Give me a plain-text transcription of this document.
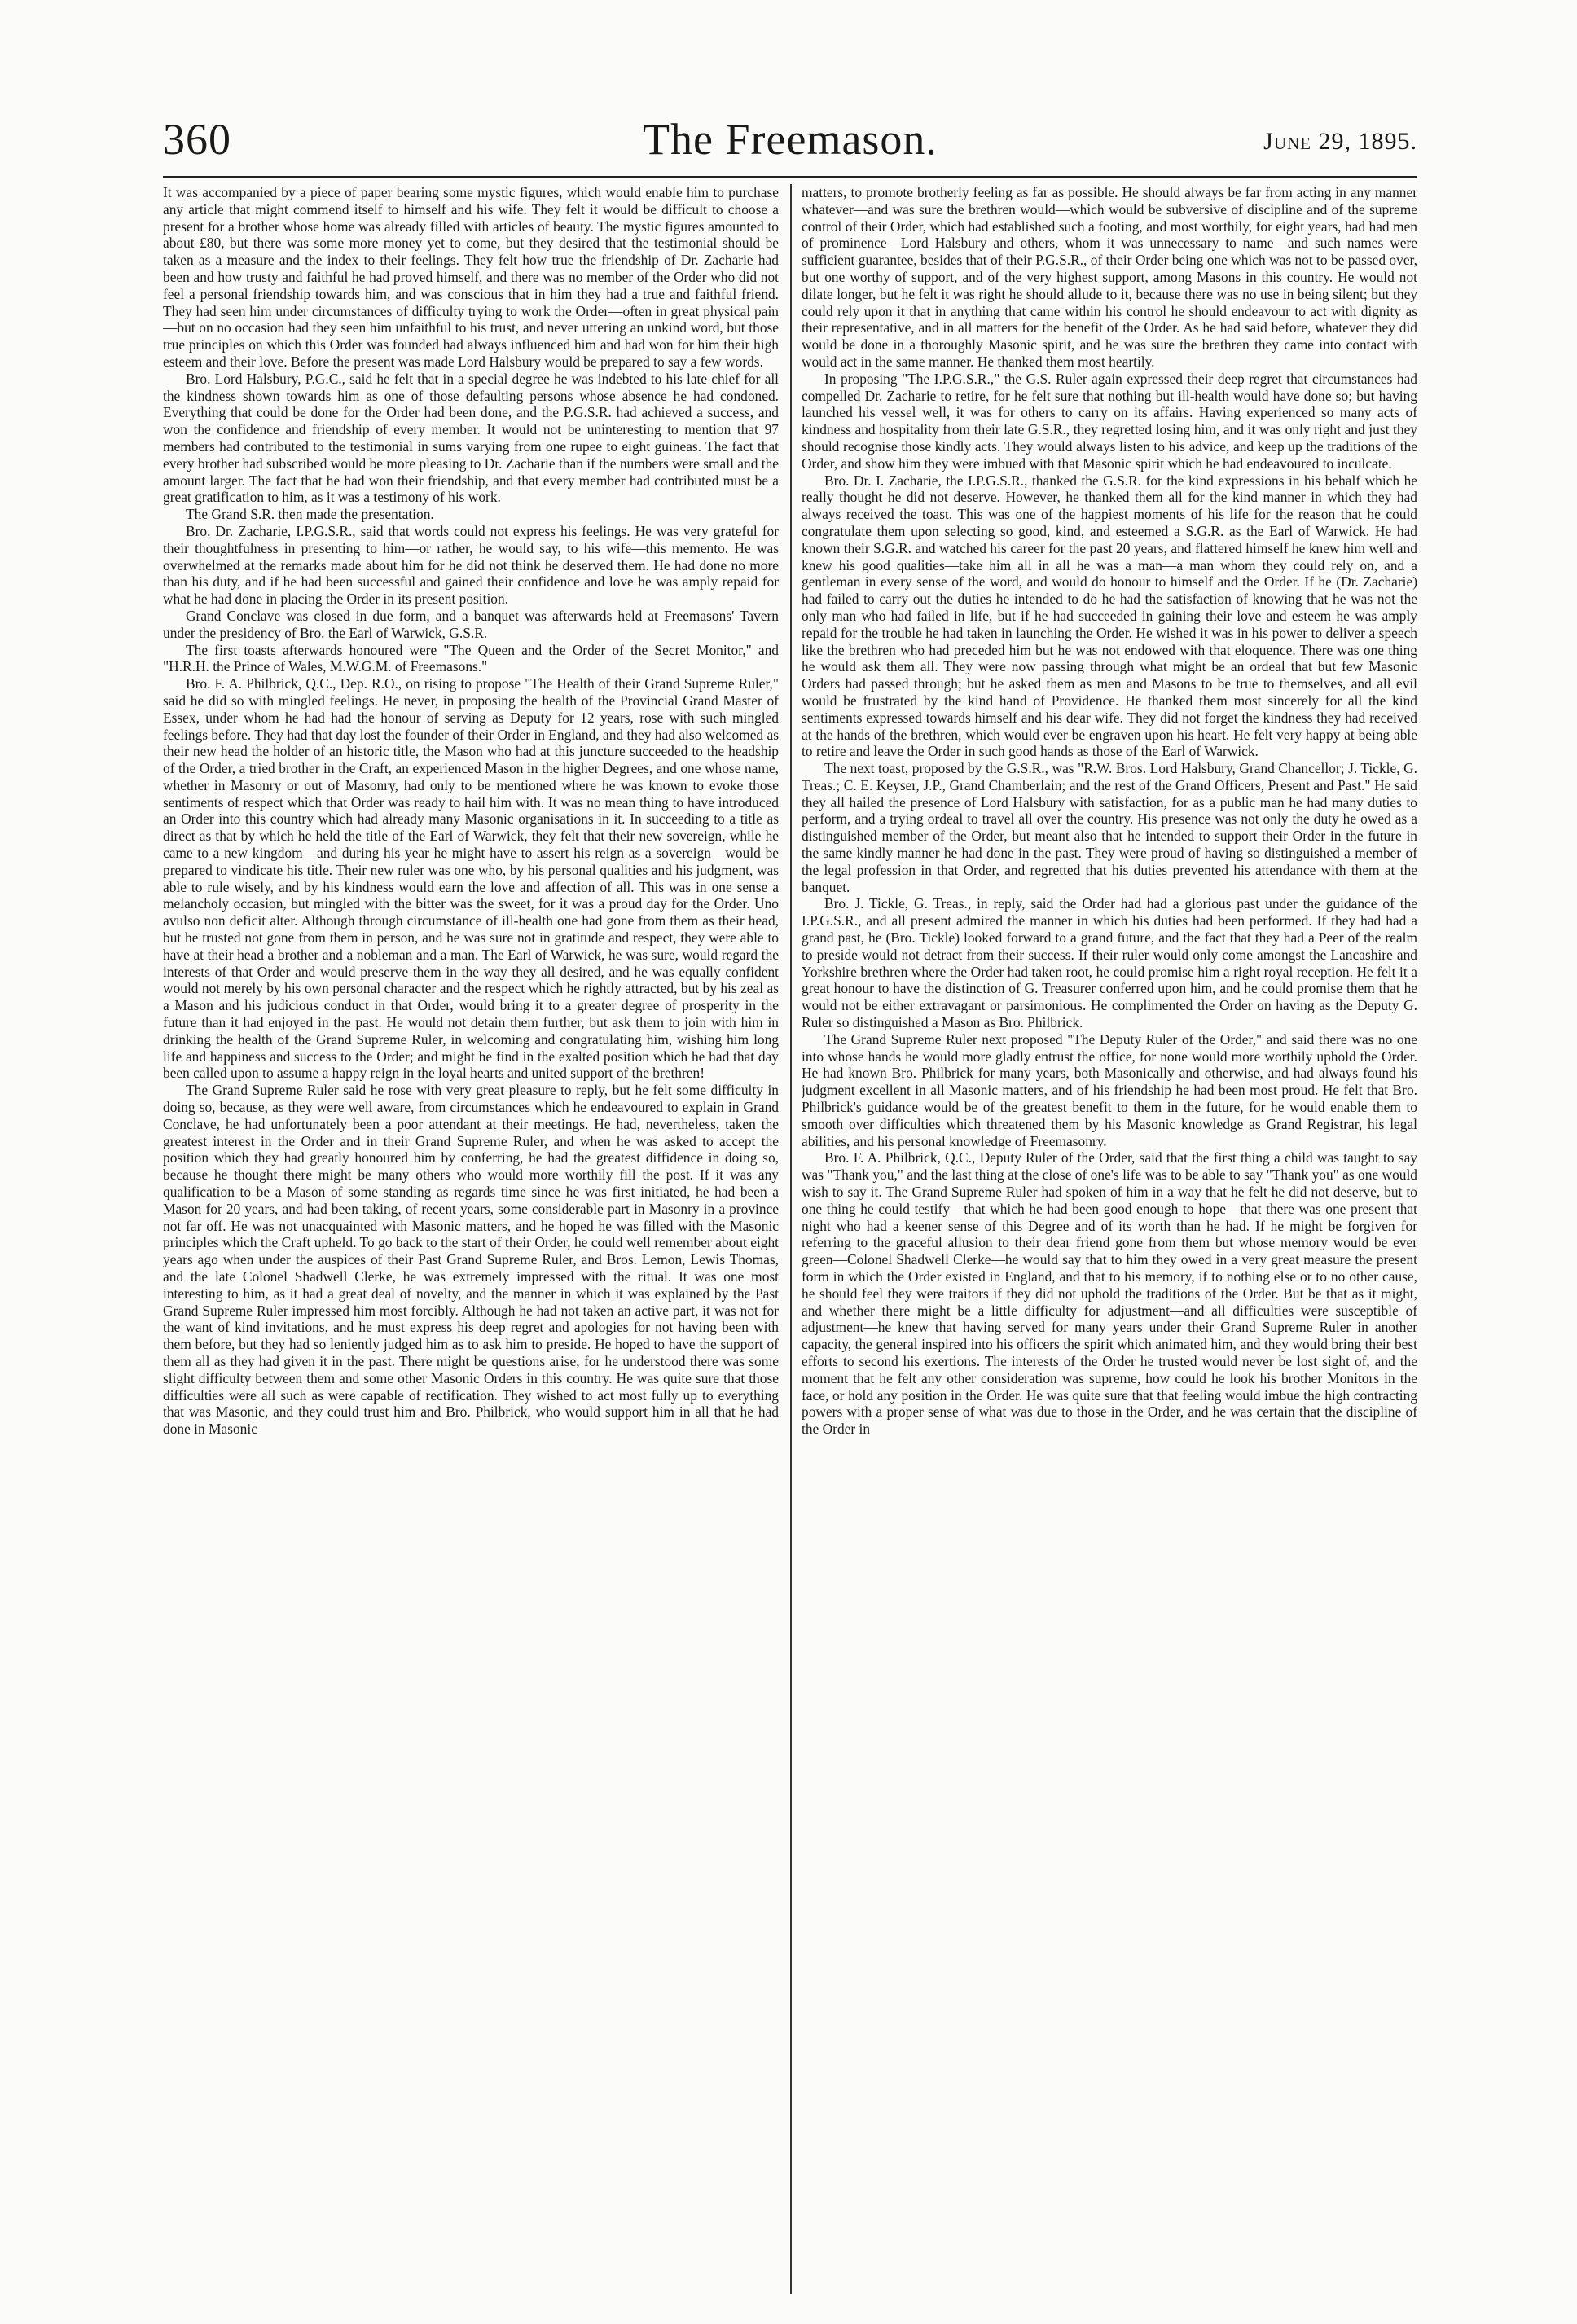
360	The Freemason.	June 29, 1895.

It was accompanied by a piece of paper bearing some mystic figures, which would enable him to purchase any article that might commend itself to himself and his wife. They felt it would be difficult to choose a present for a brother whose home was already filled with articles of beauty. The mystic figures amounted to about £80, but there was some more money yet to come, but they desired that the testimonial should be taken as a measure and the index to their feelings. They felt how true the friendship of Dr. Zacharie had been and how trusty and faithful he had proved himself, and there was no member of the Order who did not feel a personal friendship towards him, and was conscious that in him they had a true and faithful friend. They had seen him under circumstances of difficulty trying to work the Order—often in great physical pain—but on no occasion had they seen him unfaithful to his trust, and never uttering an unkind word, but those true principles on which this Order was founded had always influenced him and had won for him their high esteem and their love. Before the present was made Lord Halsbury would be prepared to say a few words.

Bro. Lord Halsbury, P.G.C., said he felt that in a special degree he was indebted to his late chief for all the kindness shown towards him as one of those defaulting persons whose absence he had condoned. Everything that could be done for the Order had been done, and the P.G.S.R. had achieved a success, and won the confidence and friendship of every member. It would not be uninteresting to mention that 97 members had contributed to the testimonial in sums varying from one rupee to eight guineas. The fact that every brother had subscribed would be more pleasing to Dr. Zacharie than if the numbers were small and the amount larger. The fact that he had won their friendship, and that every member had contributed must be a great gratification to him, as it was a testimony of his work.

The Grand S.R. then made the presentation.

Bro. Dr. Zacharie, I.P.G.S.R., said that words could not express his feelings. He was very grateful for their thoughtfulness in presenting to him—or rather, he would say, to his wife—this memento. He was overwhelmed at the remarks made about him for he did not think he deserved them. He had done no more than his duty, and if he had been successful and gained their confidence and love he was amply repaid for what he had done in placing the Order in its present position.

Grand Conclave was closed in due form, and a banquet was afterwards held at Freemasons' Tavern under the presidency of Bro. the Earl of Warwick, G.S.R.

The first toasts afterwards honoured were "The Queen and the Order of the Secret Monitor," and "H.R.H. the Prince of Wales, M.W.G.M. of Freemasons."

Bro. F. A. Philbrick, Q.C., Dep. R.O., on rising to propose "The Health of their Grand Supreme Ruler," said he did so with mingled feelings. He never, in proposing the health of the Provincial Grand Master of Essex, under whom he had had the honour of serving as Deputy for 12 years, rose with such mingled feelings before. They had that day lost the founder of their Order in England, and they had also welcomed as their new head the holder of an historic title, the Mason who had at this juncture succeeded to the headship of the Order, a tried brother in the Craft, an experienced Mason in the higher Degrees, and one whose name, whether in Masonry or out of Masonry, had only to be mentioned where he was known to evoke those sentiments of respect which that Order was ready to hail him with. It was no mean thing to have introduced an Order into this country which had already many Masonic organisations in it. In succeeding to a title as direct as that by which he held the title of the Earl of Warwick, they felt that their new sovereign, while he came to a new kingdom—and during his year he might have to assert his reign as a sovereign—would be prepared to vindicate his title. Their new ruler was one who, by his personal qualities and his judgment, was able to rule wisely, and by his kindness would earn the love and affection of all. This was in one sense a melancholy occasion, but mingled with the bitter was the sweet, for it was a proud day for the Order. Uno avulso non deficit alter. Although through circumstance of ill-health one had gone from them as their head, but he trusted not gone from them in person, and he was sure not in gratitude and respect, they were able to have at their head a brother and a nobleman and a man. The Earl of Warwick, he was sure, would regard the interests of that Order and would preserve them in the way they all desired, and he was equally confident would not merely by his own personal character and the respect which he rightly attracted, but by his zeal as a Mason and his judicious conduct in that Order, would bring it to a greater degree of prosperity in the future than it had enjoyed in the past. He would not detain them further, but ask them to join with him in drinking the health of the Grand Supreme Ruler, in welcoming and congratulating him, wishing him long life and happiness and success to the Order; and might he find in the exalted position which he had that day been called upon to assume a happy reign in the loyal hearts and united support of the brethren!

The Grand Supreme Ruler said he rose with very great pleasure to reply, but he felt some difficulty in doing so, because, as they were well aware, from circumstances which he endeavoured to explain in Grand Conclave, he had unfortunately been a poor attendant at their meetings. He had, nevertheless, taken the greatest interest in the Order and in their Grand Supreme Ruler, and when he was asked to accept the position which they had greatly honoured him by conferring, he had the greatest diffidence in doing so, because he thought there might be many others who would more worthily fill the post. If it was any qualification to be a Mason of some standing as regards time since he was first initiated, he had been a Mason for 20 years, and had been taking, of recent years, some considerable part in Masonry in a province not far off. He was not unacquainted with Masonic matters, and he hoped he was filled with the Masonic principles which the Craft upheld. To go back to the start of their Order, he could well remember about eight years ago when under the auspices of their Past Grand Supreme Ruler, and Bros. Lemon, Lewis Thomas, and the late Colonel Shadwell Clerke, he was extremely impressed with the ritual. It was one most interesting to him, as it had a great deal of novelty, and the manner in which it was explained by the Past Grand Supreme Ruler impressed him most forcibly. Although he had not taken an active part, it was not for the want of kind invitations, and he must express his deep regret and apologies for not having been with them before, but they had so leniently judged him as to ask him to preside. He hoped to have the support of them all as they had given it in the past. There might be questions arise, for he understood there was some slight difficulty between them and some other Masonic Orders in this country. He was quite sure that those difficulties were all such as were capable of rectification. They wished to act most fully up to everything that was Masonic, and they could trust him and Bro. Philbrick, who would support him in all that he had done in Masonic

matters, to promote brotherly feeling as far as possible. He should always be far from acting in any manner whatever—and was sure the brethren would—which would be subversive of discipline and of the supreme control of their Order, which had established such a footing, and most worthily, for eight years, had had men of prominence—Lord Halsbury and others, whom it was unnecessary to name—and such names were sufficient guarantee, besides that of their P.G.S.R., of their Order being one which was not to be passed over, but one worthy of support, and of the very highest support, among Masons in this country. He would not dilate longer, but he felt it was right he should allude to it, because there was no use in being silent; but they could rely upon it that in anything that came within his control he should endeavour to act with dignity as their representative, and in all matters for the benefit of the Order. As he had said before, whatever they did would be done in a thoroughly Masonic spirit, and he was sure the brethren they came into contact with would act in the same manner. He thanked them most heartily.

In proposing "The I.P.G.S.R.," the G.S. Ruler again expressed their deep regret that circumstances had compelled Dr. Zacharie to retire, for he felt sure that nothing but ill-health would have done so; but having launched his vessel well, it was for others to carry on its affairs. Having experienced so many acts of kindness and hospitality from their late G.S.R., they regretted losing him, and it was only right and just they should recognise those kindly acts. They would always listen to his advice, and keep up the traditions of the Order, and show him they were imbued with that Masonic spirit which he had endeavoured to inculcate.

Bro. Dr. I. Zacharie, the I.P.G.S.R., thanked the G.S.R. for the kind expressions in his behalf which he really thought he did not deserve. However, he thanked them all for the kind manner in which they had always received the toast. This was one of the happiest moments of his life for the reason that he could congratulate them upon selecting so good, kind, and esteemed a S.G.R. as the Earl of Warwick. He had known their S.G.R. and watched his career for the past 20 years, and flattered himself he knew him well and knew his good qualities—take him all in all he was a man—a man whom they could rely on, and a gentleman in every sense of the word, and would do honour to himself and the Order. If he (Dr. Zacharie) had failed to carry out the duties he intended to do he had the satisfaction of knowing that he was not the only man who had failed in life, but if he had succeeded in gaining their love and esteem he was amply repaid for the trouble he had taken in launching the Order. He wished it was in his power to deliver a speech like the brethren who had preceded him but he was not endowed with that eloquence. There was one thing he would ask them all. They were now passing through what might be an ordeal that but few Masonic Orders had passed through; but he asked them as men and Masons to be true to themselves, and all evil would be frustrated by the kind hand of Providence. He thanked them most sincerely for all the kind sentiments expressed towards himself and his dear wife. They did not forget the kindness they had received at the hands of the brethren, which would ever be engraven upon his heart. He felt very happy at being able to retire and leave the Order in such good hands as those of the Earl of Warwick.

The next toast, proposed by the G.S.R., was "R.W. Bros. Lord Halsbury, Grand Chancellor; J. Tickle, G. Treas.; C. E. Keyser, J.P., Grand Chamberlain; and the rest of the Grand Officers, Present and Past." He said they all hailed the presence of Lord Halsbury with satisfaction, for as a public man he had many duties to perform, and a trying ordeal to travel all over the country. His presence was not only the duty he owed as a distinguished member of the Order, but meant also that he intended to support their Order in the future in the same kindly manner he had done in the past. They were proud of having so distinguished a member of the legal profession in that Order, and regretted that his duties prevented his attendance with them at the banquet.

Bro. J. Tickle, G. Treas., in reply, said the Order had had a glorious past under the guidance of the I.P.G.S.R., and all present admired the manner in which his duties had been performed. If they had had a grand past, he (Bro. Tickle) looked forward to a grand future, and the fact that they had a Peer of the realm to preside would not detract from their success. If their ruler would only come amongst the Lancashire and Yorkshire brethren where the Order had taken root, he could promise him a right royal reception. He felt it a great honour to have the distinction of G. Treasurer conferred upon him, and he could promise them that he would not be either extravagant or parsimonious. He complimented the Order on having as the Deputy G. Ruler so distinguished a Mason as Bro. Philbrick.

The Grand Supreme Ruler next proposed "The Deputy Ruler of the Order," and said there was no one into whose hands he would more gladly entrust the office, for none would more worthily uphold the Order. He had known Bro. Philbrick for many years, both Masonically and otherwise, and had always found his judgment excellent in all Masonic matters, and of his friendship he had been most proud. He felt that Bro. Philbrick's guidance would be of the greatest benefit to them in the future, for he would enable them to smooth over difficulties which threatened them by his Masonic knowledge as Grand Registrar, his legal abilities, and his personal knowledge of Freemasonry.

Bro. F. A. Philbrick, Q.C., Deputy Ruler of the Order, said that the first thing a child was taught to say was "Thank you," and the last thing at the close of one's life was to be able to say "Thank you" as one would wish to say it. The Grand Supreme Ruler had spoken of him in a way that he felt he did not deserve, but to one thing he could testify—that which he had been good enough to hope—that there was one present that night who had a keener sense of this Degree and of its worth than he had. If he might be forgiven for referring to the graceful allusion to their dear friend gone from them but whose memory would be ever green—Colonel Shadwell Clerke—he would say that to him they owed in a very great measure the present form in which the Order existed in England, and that to his memory, if to nothing else or to no other cause, he should feel they were traitors if they did not uphold the traditions of the Order. But be that as it might, and whether there might be a little difficulty for adjustment—and all difficulties were susceptible of adjustment—he knew that having served for many years under their Grand Supreme Ruler in another capacity, the general inspired into his officers the spirit which animated him, and they would bring their best efforts to second his exertions. The interests of the Order he trusted would never be lost sight of, and the moment that he felt any other consideration was supreme, how could he look his brother Monitors in the face, or hold any position in the Order. He was quite sure that that feeling would imbue the high contracting powers with a proper sense of what was due to those in the Order, and he was certain that the discipline of the Order in
